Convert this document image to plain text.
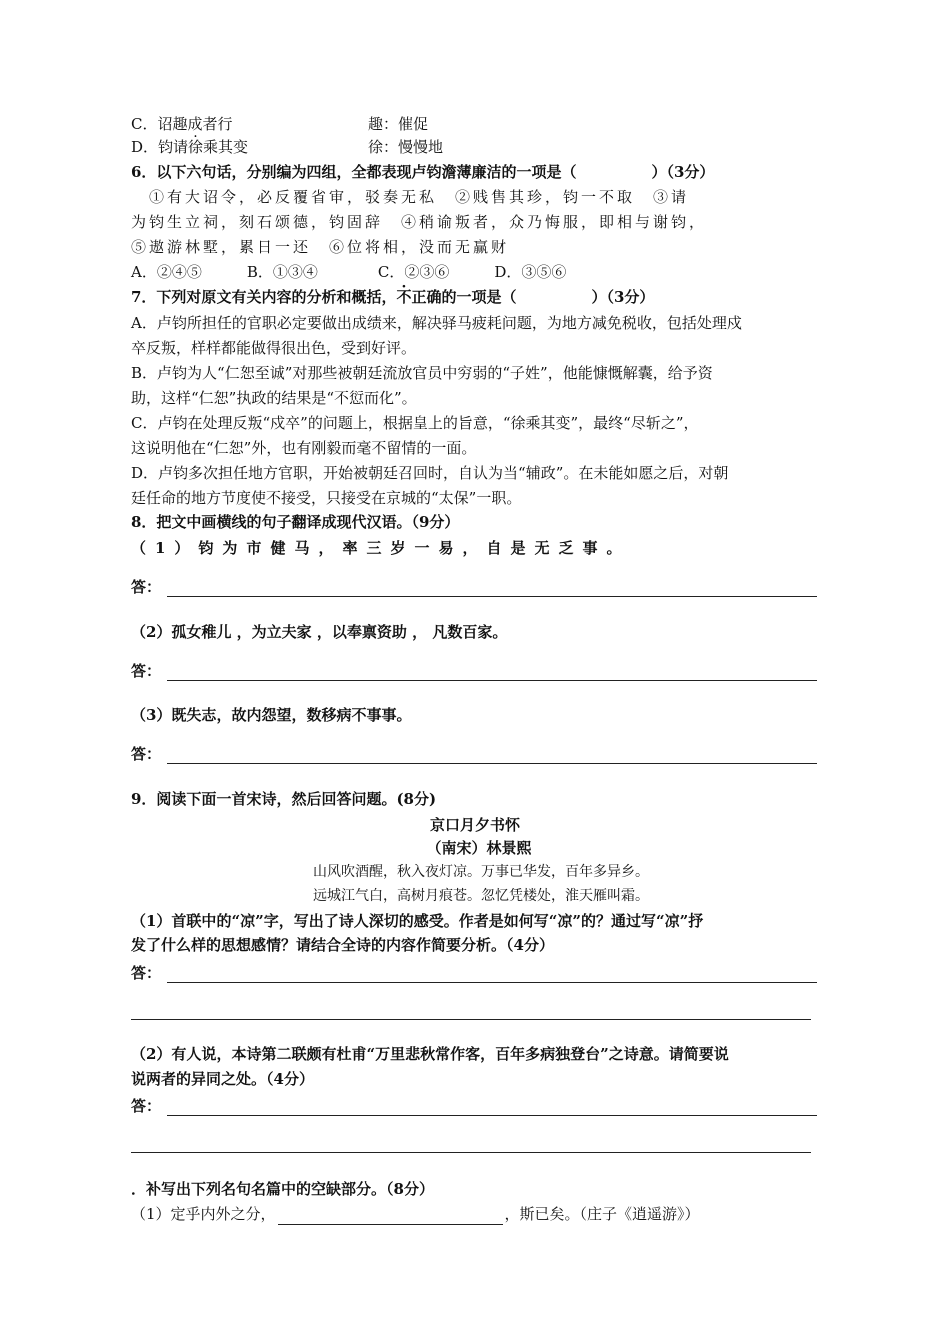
C．诏趣成者行	趣：催促
D．钧请徐乘其变	徐：慢慢地
6．以下六句话，分别编为四组，全都表现卢钧澹薄廉洁的一项是（　　　　　）（3分）
　①有大诏令，必反覆省审，驳奏无私　②贱售其珍，钧一不取　③请
为钧生立祠，刻石颂德，钧固辞　④稍谕叛者，众乃悔服，即相与谢钧，
⑤遨游林墅，累日一还　⑥位将相，没而无赢财
A．②④⑤　　　B．①③④　　　　C．②③⑥　　　D．③⑤⑥
7．下列对原文有关内容的分析和概括，不正确的一项是（　　　　　）（3分）
A．卢钧所担任的官职必定要做出成绩来，解决驿马疲耗问题，为地方减免税收，包括处理戍
卒反叛，样样都能做得很出色，受到好评。
B．卢钧为人“仁恕至诚”对那些被朝廷流放官员中穷弱的“子姓”，他能慷慨解囊，给予资
助，这样“仁恕”执政的结果是“不愆而化”。
C．卢钧在处理反叛“戍卒”的问题上，根据皇上的旨意，“徐乘其变”，最终“尽斩之”，
这说明他在“仁恕”外，也有刚毅而毫不留情的一面。
D．卢钧多次担任地方官职，开始被朝廷召回时，自认为当“辅政”。在未能如愿之后，对朝
廷任命的地方节度使不接受，只接受在京城的“太保”一职。
8．把文中画横线的句子翻译成现代汉语。（9分）
（1）钧为市健马，率三岁一易，自是无乏事。
答：
（2）孤女稚儿 ，为立夫家 ，以奉禀资助 ， 凡数百家。
答：
（3）既失志，故内怨望，数移病不事事。
答：
9．阅读下面一首宋诗，然后回答问题。(8分)
京口月夕书怀
（南宋）林景熙
山风吹酒醒，秋入夜灯凉。万事已华发，百年多异乡。
远城江气白，高树月痕苍。忽忆凭楼处，淮天雁叫霜。
（1）首联中的“凉”字，写出了诗人深切的感受。作者是如何写“凉”的？通过写“凉”抒
发了什么样的思想感情？请结合全诗的内容作简要分析。（4分）
答：
（2）有人说，本诗第二联颇有杜甫“万里悲秋常作客，百年多病独登台”之诗意。请简要说
说两者的异同之处。（4分）
答：
．补写出下列名句名篇中的空缺部分。（8分）
（1）定乎内外之分，	，斯已矣。（庄子《逍遥游》）
